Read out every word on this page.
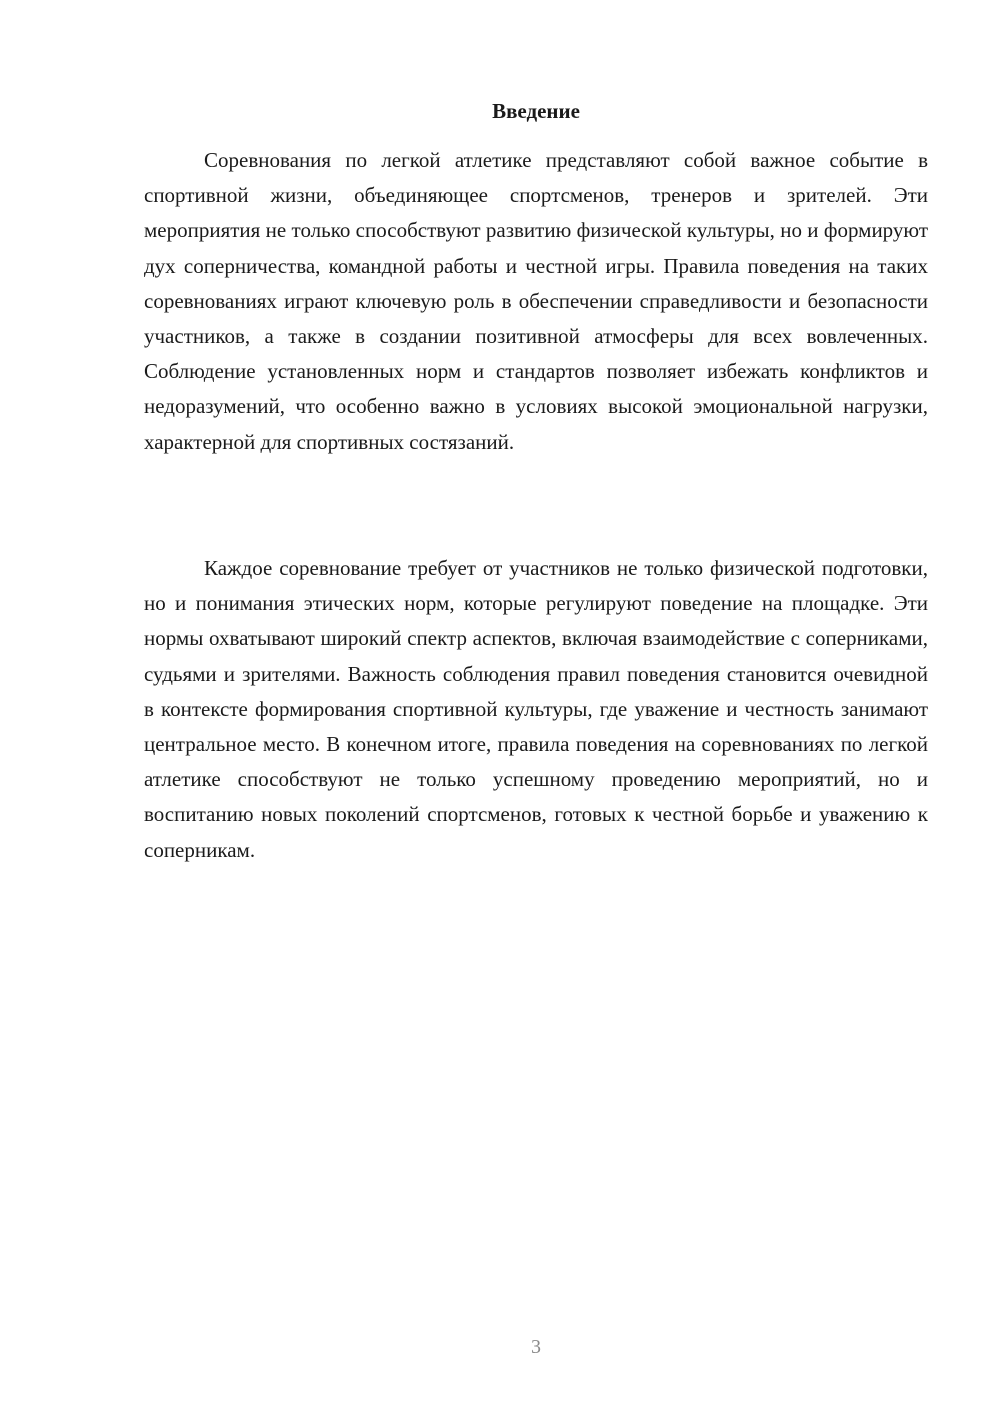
Введение

Соревнования по легкой атлетике представляют собой важное событие в спортивной жизни, объединяющее спортсменов, тренеров и зрителей. Эти мероприятия не только способствуют развитию физической культуры, но и формируют дух соперничества, командной работы и честной игры. Правила поведения на таких соревнованиях играют ключевую роль в обеспечении справедливости и безопасности участников, а также в создании позитивной атмосферы для всех вовлеченных. Соблюдение установленных норм и стандартов позволяет избежать конфликтов и недоразумений, что особенно важно в условиях высокой эмоциональной нагрузки, характерной для спортивных состязаний.

Каждое соревнование требует от участников не только физической подготовки, но и понимания этических норм, которые регулируют поведение на площадке. Эти нормы охватывают широкий спектр аспектов, включая взаимодействие с соперниками, судьями и зрителями. Важность соблюдения правил поведения становится очевидной в контексте формирования спортивной культуры, где уважение и честность занимают центральное место. В конечном итоге, правила поведения на соревнованиях по легкой атлетике способствуют не только успешному проведению мероприятий, но и воспитанию новых поколений спортсменов, готовых к честной борьбе и уважению к соперникам.

3
